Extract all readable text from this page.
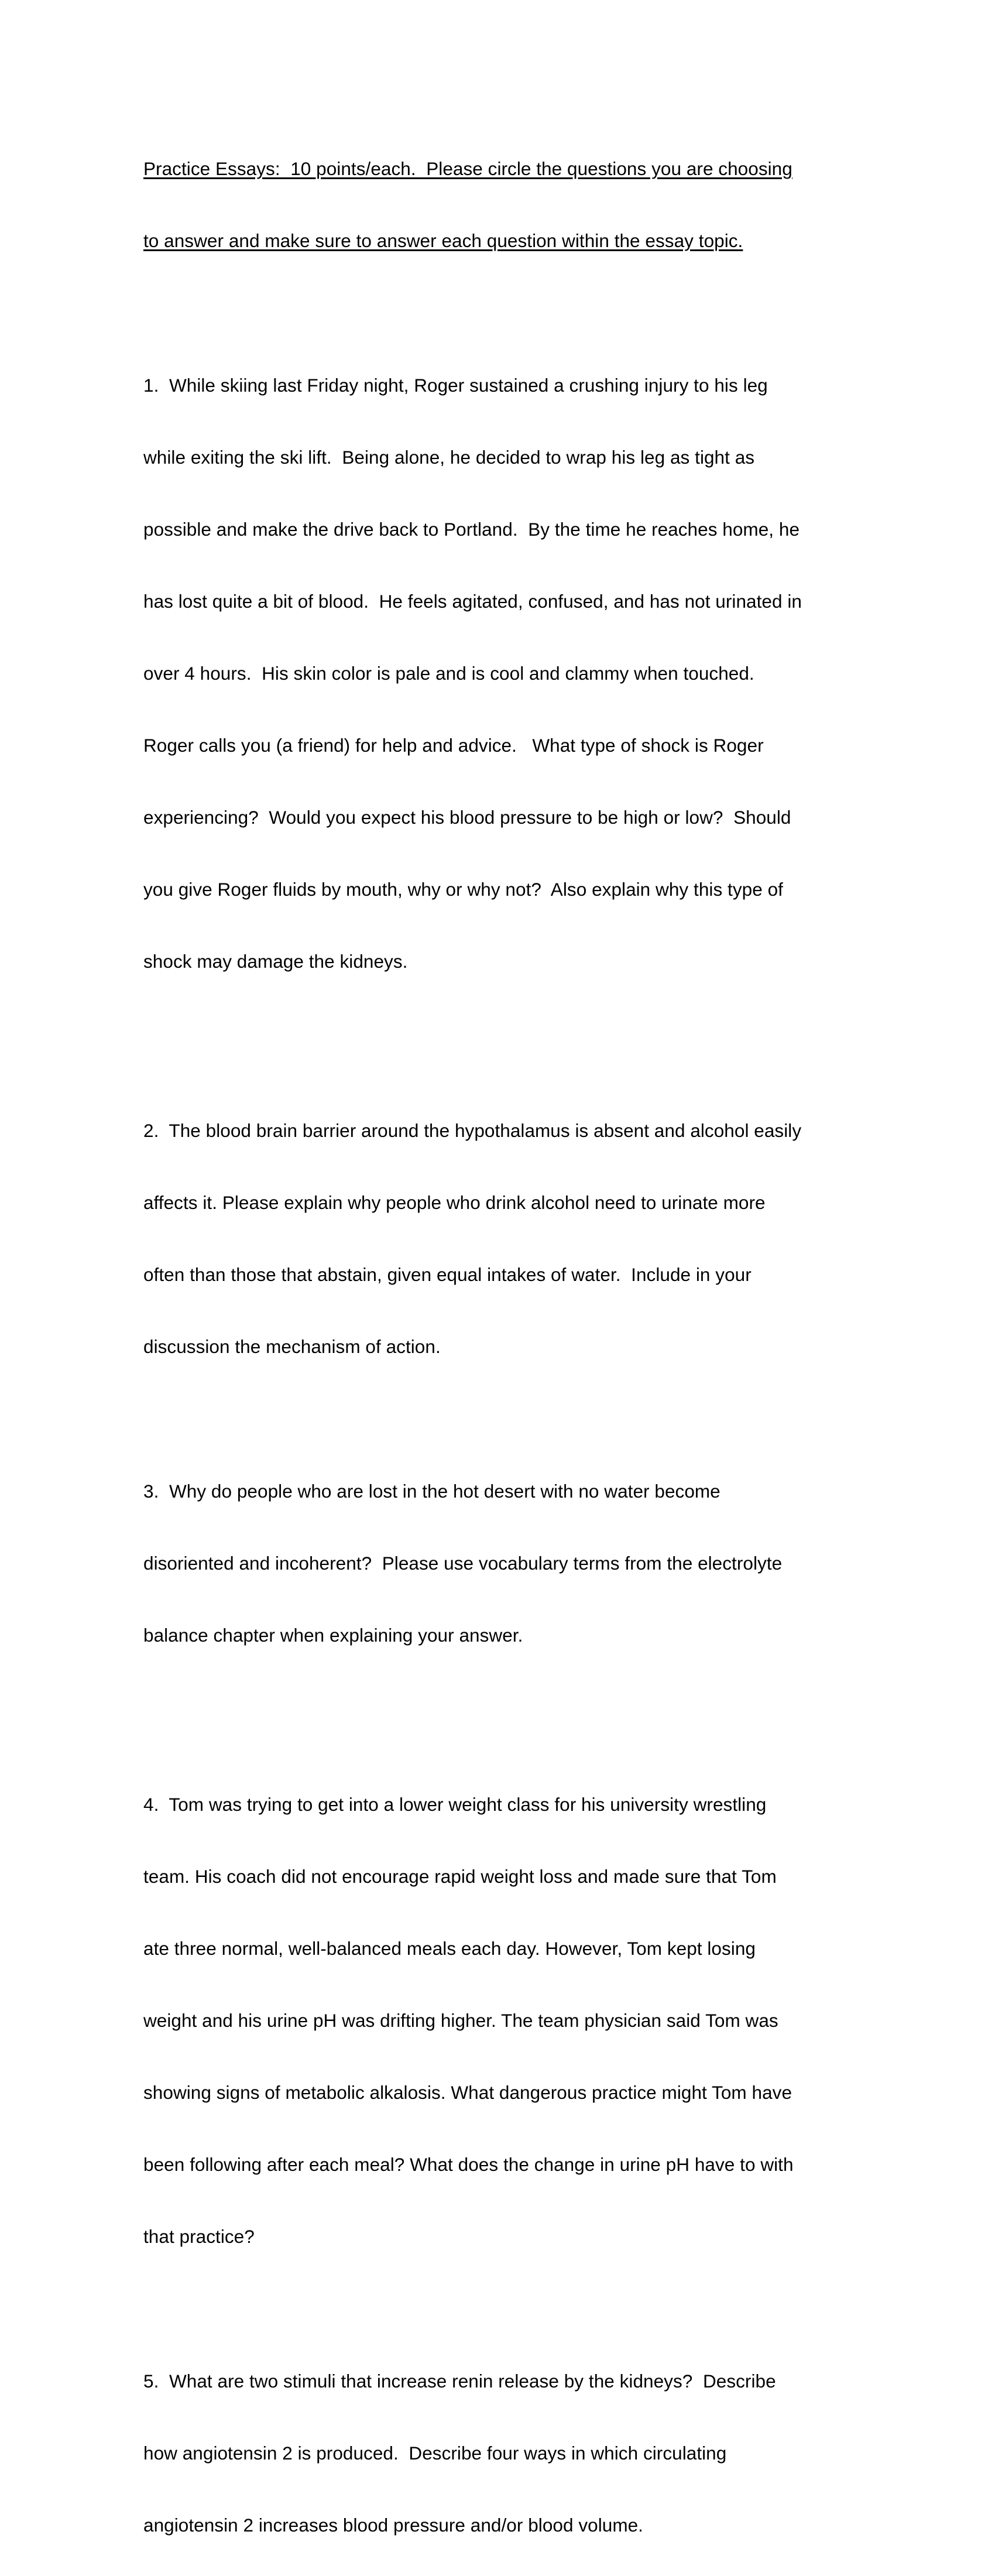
Practice Essays:  10 points/each.  Please circle the questions you are choosing

to answer and make sure to answer each question within the essay topic.

1.  While skiing last Friday night, Roger sustained a crushing injury to his leg

while exiting the ski lift.  Being alone, he decided to wrap his leg as tight as

possible and make the drive back to Portland.  By the time he reaches home, he

has lost quite a bit of blood.  He feels agitated, confused, and has not urinated in

over 4 hours.  His skin color is pale and is cool and clammy when touched.

Roger calls you (a friend) for help and advice.   What type of shock is Roger

experiencing?  Would you expect his blood pressure to be high or low?  Should

you give Roger fluids by mouth, why or why not?  Also explain why this type of

shock may damage the kidneys.

2.  The blood brain barrier around the hypothalamus is absent and alcohol easily

affects it. Please explain why people who drink alcohol need to urinate more

often than those that abstain, given equal intakes of water.  Include in your

discussion the mechanism of action.

3.  Why do people who are lost in the hot desert with no water become

disoriented and incoherent?  Please use vocabulary terms from the electrolyte

balance chapter when explaining your answer.

4.  Tom was trying to get into a lower weight class for his university wrestling

team. His coach did not encourage rapid weight loss and made sure that Tom

ate three normal, well-balanced meals each day. However, Tom kept losing

weight and his urine pH was drifting higher. The team physician said Tom was

showing signs of metabolic alkalosis. What dangerous practice might Tom have

been following after each meal? What does the change in urine pH have to with

that practice?

5.  What are two stimuli that increase renin release by the kidneys?  Describe

how angiotensin 2 is produced.  Describe four ways in which circulating

angiotensin 2 increases blood pressure and/or blood volume.
